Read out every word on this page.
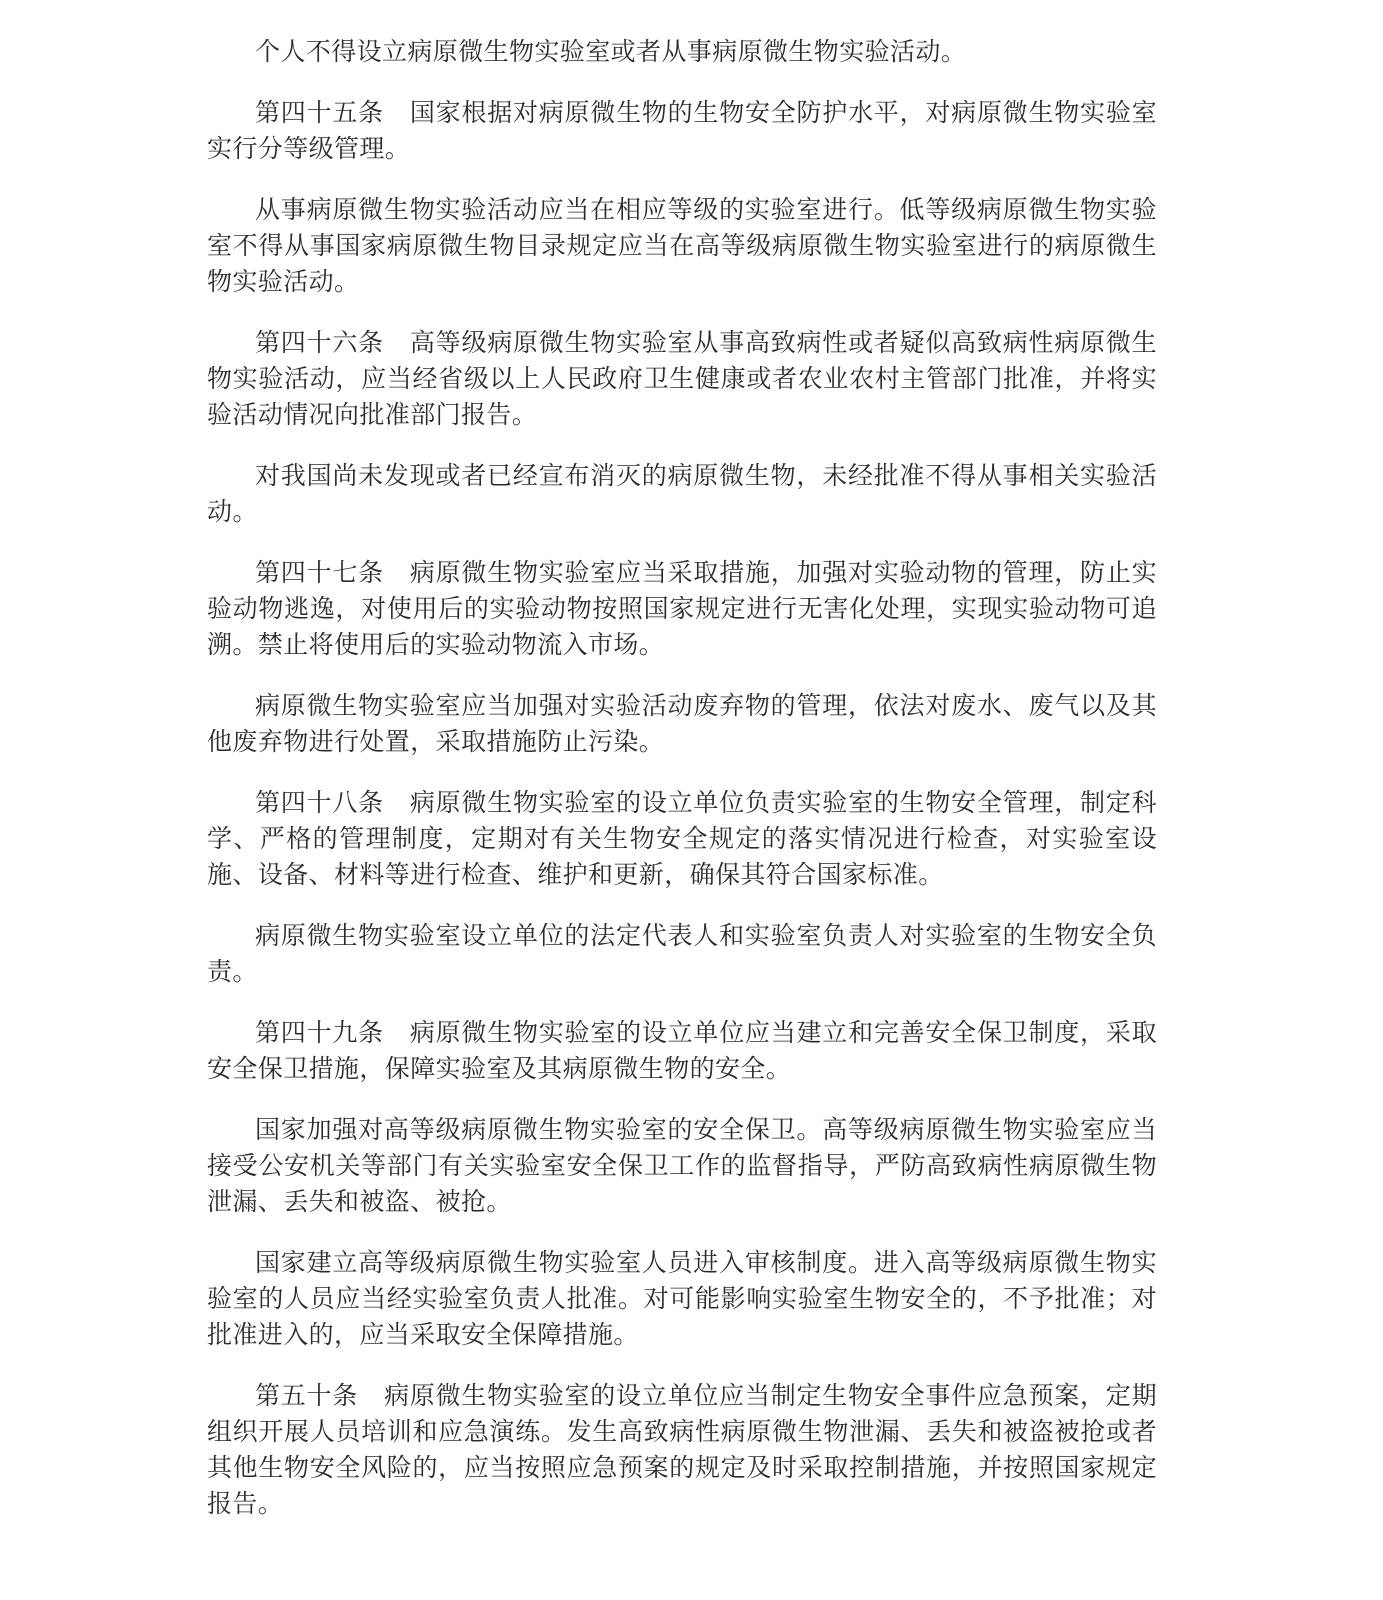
个人不得设立病原微生物实验室或者从事病原微生物实验活动。

第四十五条 国家根据对病原微生物的生物安全防护水平，对病原微生物实验室实行分等级管理。

从事病原微生物实验活动应当在相应等级的实验室进行。低等级病原微生物实验室不得从事国家病原微生物目录规定应当在高等级病原微生物实验室进行的病原微生物实验活动。

第四十六条 高等级病原微生物实验室从事高致病性或者疑似高致病性病原微生物实验活动，应当经省级以上人民政府卫生健康或者农业农村主管部门批准，并将实验活动情况向批准部门报告。

对我国尚未发现或者已经宣布消灭的病原微生物，未经批准不得从事相关实验活动。

第四十七条 病原微生物实验室应当采取措施，加强对实验动物的管理，防止实验动物逃逸，对使用后的实验动物按照国家规定进行无害化处理，实现实验动物可追溯。禁止将使用后的实验动物流入市场。

病原微生物实验室应当加强对实验活动废弃物的管理，依法对废水、废气以及其他废弃物进行处置，采取措施防止污染。

第四十八条 病原微生物实验室的设立单位负责实验室的生物安全管理，制定科学、严格的管理制度，定期对有关生物安全规定的落实情况进行检查，对实验室设施、设备、材料等进行检查、维护和更新，确保其符合国家标准。

病原微生物实验室设立单位的法定代表人和实验室负责人对实验室的生物安全负责。

第四十九条 病原微生物实验室的设立单位应当建立和完善安全保卫制度，采取安全保卫措施，保障实验室及其病原微生物的安全。

国家加强对高等级病原微生物实验室的安全保卫。高等级病原微生物实验室应当接受公安机关等部门有关实验室安全保卫工作的监督指导，严防高致病性病原微生物泄漏、丢失和被盗、被抢。

国家建立高等级病原微生物实验室人员进入审核制度。进入高等级病原微生物实验室的人员应当经实验室负责人批准。对可能影响实验室生物安全的，不予批准；对批准进入的，应当采取安全保障措施。

第五十条 病原微生物实验室的设立单位应当制定生物安全事件应急预案，定期组织开展人员培训和应急演练。发生高致病性病原微生物泄漏、丢失和被盗被抢或者其他生物安全风险的，应当按照应急预案的规定及时采取控制措施，并按照国家规定报告。
